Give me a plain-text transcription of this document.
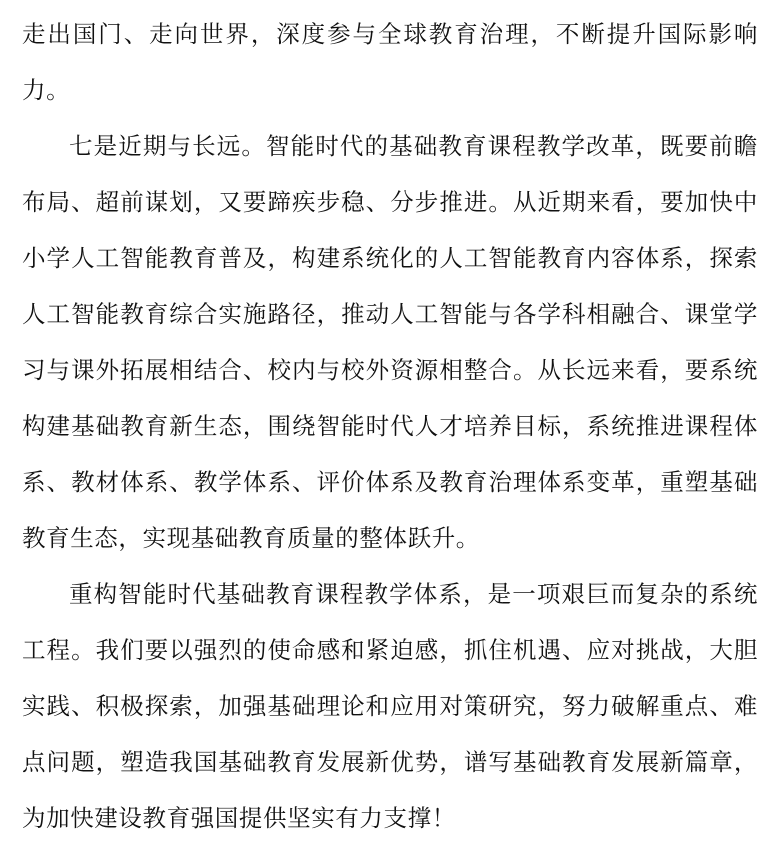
走出国门、走向世界，深度参与全球教育治理，不断提升国际影响力。

七是近期与长远。智能时代的基础教育课程教学改革，既要前瞻布局、超前谋划，又要蹄疾步稳、分步推进。从近期来看，要加快中小学人工智能教育普及，构建系统化的人工智能教育内容体系，探索人工智能教育综合实施路径，推动人工智能与各学科相融合、课堂学习与课外拓展相结合、校内与校外资源相整合。从长远来看，要系统构建基础教育新生态，围绕智能时代人才培养目标，系统推进课程体系、教材体系、教学体系、评价体系及教育治理体系变革，重塑基础教育生态，实现基础教育质量的整体跃升。

重构智能时代基础教育课程教学体系，是一项艰巨而复杂的系统工程。我们要以强烈的使命感和紧迫感，抓住机遇、应对挑战，大胆实践、积极探索，加强基础理论和应用对策研究，努力破解重点、难点问题，塑造我国基础教育发展新优势，谱写基础教育发展新篇章，为加快建设教育强国提供坚实有力支撑！
